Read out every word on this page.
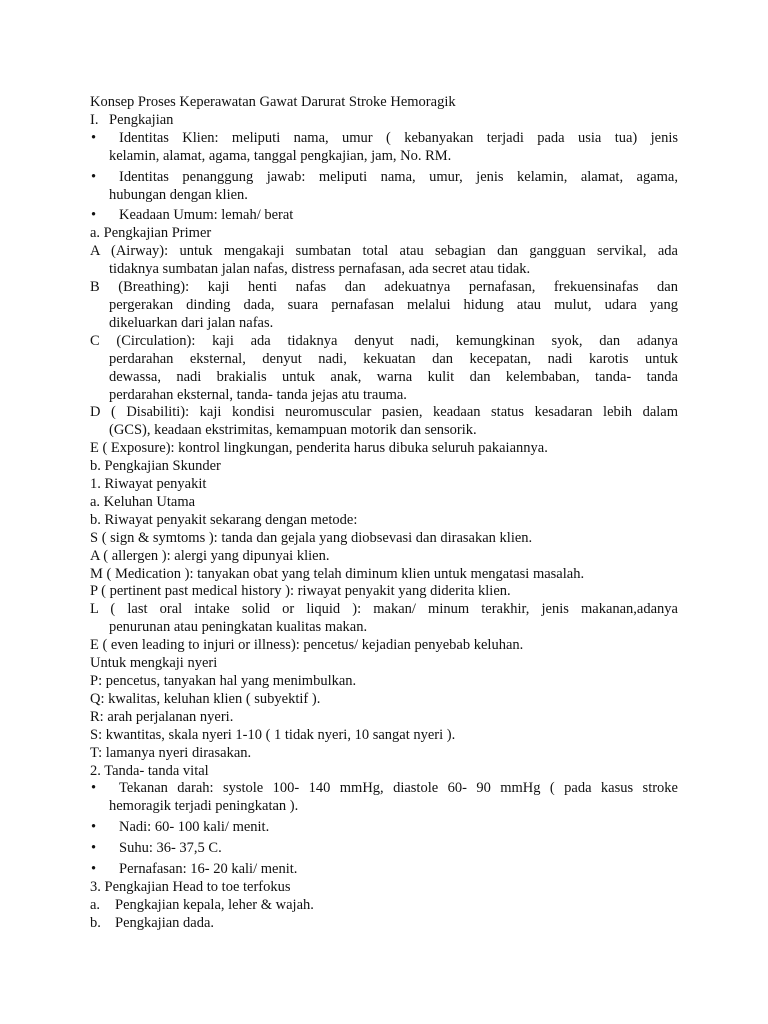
Konsep Proses Keperawatan Gawat Darurat Stroke Hemoragik

I. Pengkajian
•	Identitas Klien: meliputi nama, umur ( kebanyakan terjadi pada usia tua) jenis

kelamin, alamat, agama, tanggal pengkajian, jam, No. RM.

•	Identitas penanggung jawab: meliputi nama, umur, jenis kelamin, alamat, agama,

hubungan dengan klien.

•	Keadaan Umum: lemah/ berat

a. Pengkajian Primer

A (Airway): untuk mengakaji sumbatan total atau sebagian dan gangguan servikal, ada

tidaknya sumbatan jalan nafas, distress pernafasan, ada secret atau tidak.

B (Breathing): kaji henti nafas dan adekuatnya pernafasan, frekuensinafas dan

pergerakan dinding dada, suara pernafasan melalui hidung atau mulut, udara yang

dikeluarkan dari jalan nafas.

C (Circulation): kaji ada tidaknya denyut nadi, kemungkinan syok, dan adanya

perdarahan eksternal, denyut nadi, kekuatan dan kecepatan, nadi karotis untuk

dewassa, nadi brakialis untuk anak, warna kulit dan kelembaban, tanda- tanda

perdarahan eksternal, tanda- tanda jejas atu trauma.

D ( Disabiliti): kaji kondisi neuromuscular pasien, keadaan status kesadaran lebih dalam

(GCS), keadaan ekstrimitas, kemampuan motorik dan sensorik.

E ( Exposure): kontrol lingkungan, penderita harus dibuka seluruh pakaiannya.

b. Pengkajian Skunder

1. Riwayat penyakit

a. Keluhan Utama

b. Riwayat penyakit sekarang dengan metode:

S ( sign & symtoms ): tanda dan gejala yang diobsevasi dan dirasakan klien.

A ( allergen ): alergi yang dipunyai klien.

M ( Medication ): tanyakan obat yang telah diminum klien untuk mengatasi masalah.

P ( pertinent past medical history ): riwayat penyakit yang diderita klien.

L ( last oral intake solid or liquid ): makan/ minum terakhir, jenis makanan,adanya

penurunan atau peningkatan kualitas makan.

E ( even leading to injuri or illness): pencetus/ kejadian penyebab keluhan.

Untuk mengkaji nyeri

P: pencetus, tanyakan hal yang menimbulkan.

Q: kwalitas, keluhan klien ( subyektif ).

R: arah perjalanan nyeri.

S: kwantitas, skala nyeri 1-10 ( 1 tidak nyeri, 10 sangat nyeri ).

T: lamanya nyeri dirasakan.

2. Tanda- tanda vital

•	Tekanan darah: systole 100- 140 mmHg, diastole 60- 90 mmHg ( pada kasus stroke

hemoragik terjadi peningkatan ).

•	Nadi: 60- 100 kali/ menit.

•	Suhu: 36- 37,5 C.

•	Pernafasan: 16- 20 kali/ menit.

3. Pengkajian Head to toe terfokus

a.	Pengkajian kepala, leher & wajah.
b. Pengkajian dada.
